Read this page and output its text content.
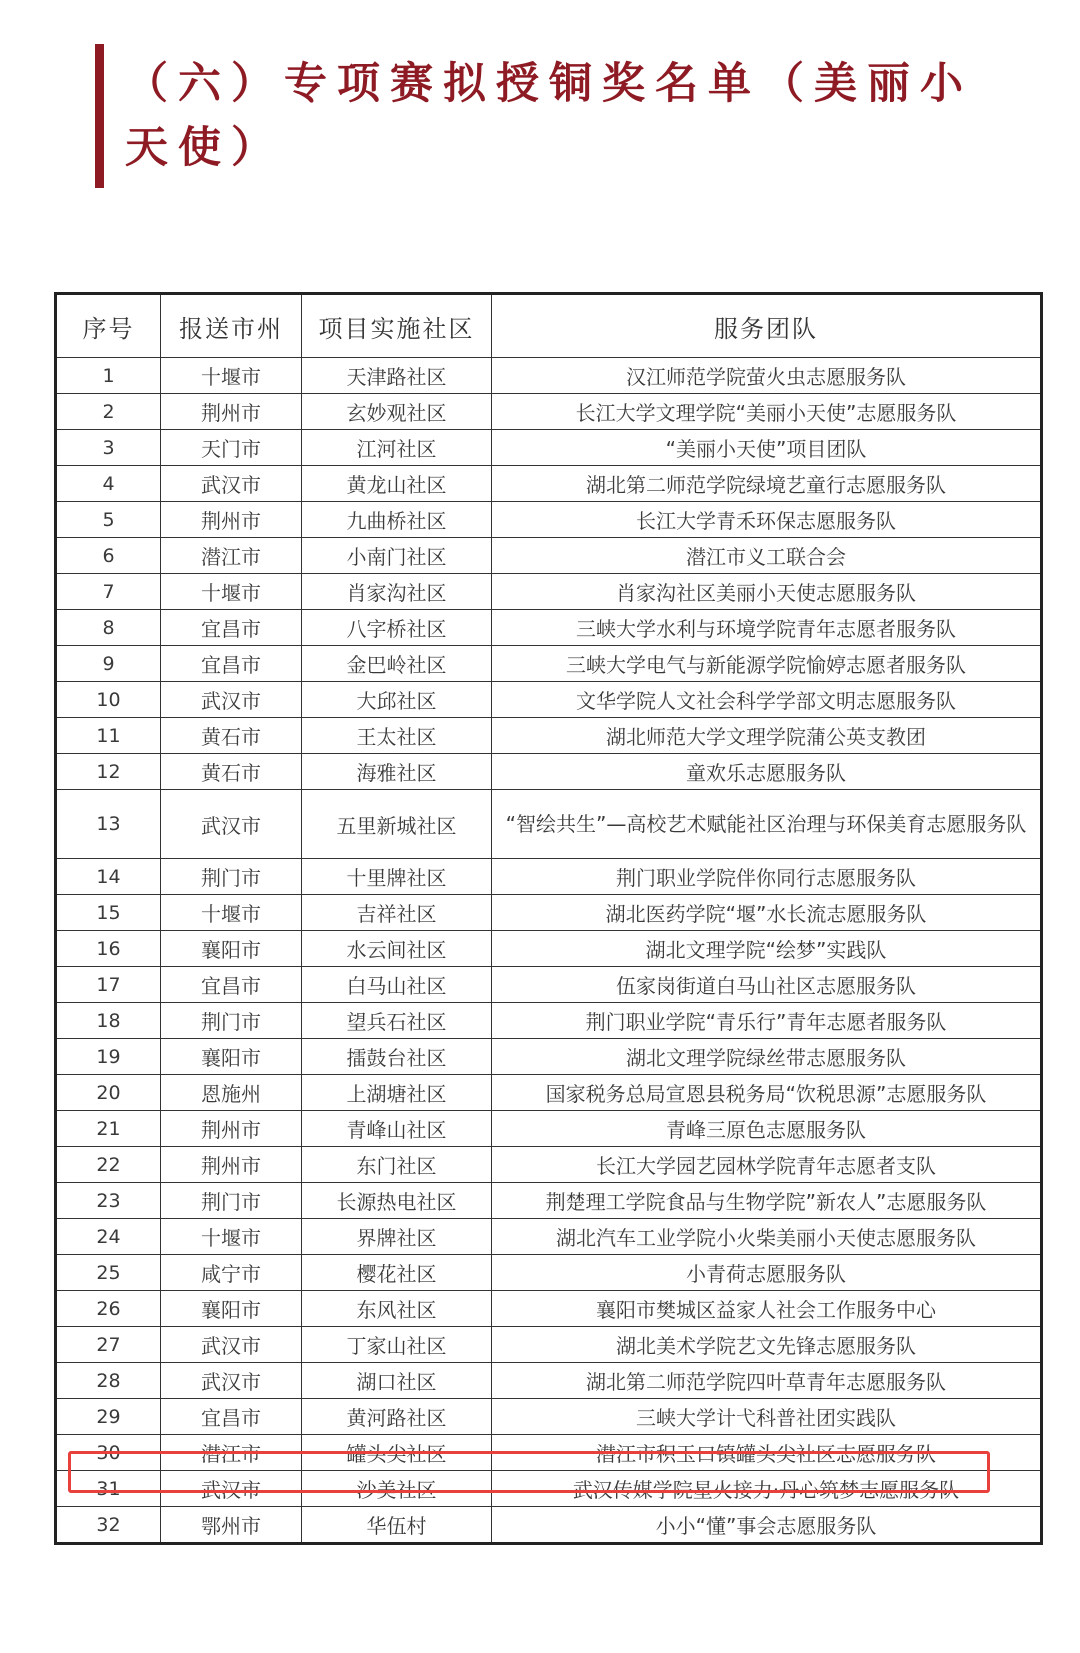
（六）专项赛拟授铜奖名单（美丽小天使）
序号	报送市州	项目实施社区	服务团队
1	十堰市	天津路社区	汉江师范学院萤火虫志愿服务队
2	荆州市	玄妙观社区	长江大学文理学院“美丽小天使”志愿服务队
3	天门市	江河社区	“美丽小天使”项目团队
4	武汉市	黄龙山社区	湖北第二师范学院绿境艺童行志愿服务队
5	荆州市	九曲桥社区	长江大学青禾环保志愿服务队
6	潜江市	小南门社区	潜江市义工联合会
7	十堰市	肖家沟社区	肖家沟社区美丽小天使志愿服务队
8	宜昌市	八字桥社区	三峡大学水利与环境学院青年志愿者服务队
9	宜昌市	金巴岭社区	三峡大学电气与新能源学院愉婷志愿者服务队
10	武汉市	大邱社区	文华学院人文社会科学学部文明志愿服务队
11	黄石市	王太社区	湖北师范大学文理学院蒲公英支教团
12	黄石市	海雅社区	童欢乐志愿服务队
13	武汉市	五里新城社区	“智绘共生”—高校艺术赋能社区治理与环保美育志愿服务队
14	荆门市	十里牌社区	荆门职业学院伴你同行志愿服务队
15	十堰市	吉祥社区	湖北医药学院“堰”水长流志愿服务队
16	襄阳市	水云间社区	湖北文理学院“绘梦”实践队
17	宜昌市	白马山社区	伍家岗街道白马山社区志愿服务队
18	荆门市	望兵石社区	荆门职业学院“青乐行”青年志愿者服务队
19	襄阳市	擂鼓台社区	湖北文理学院绿丝带志愿服务队
20	恩施州	上湖塘社区	国家税务总局宣恩县税务局“饮税思源”志愿服务队
21	荆州市	青峰山社区	青峰三原色志愿服务队
22	荆州市	东门社区	长江大学园艺园林学院青年志愿者支队
23	荆门市	长源热电社区	荆楚理工学院食品与生物学院”新农人”志愿服务队
24	十堰市	界牌社区	湖北汽车工业学院小火柴美丽小天使志愿服务队
25	咸宁市	樱花社区	小青荷志愿服务队
26	襄阳市	东风社区	襄阳市樊城区益家人社会工作服务中心
27	武汉市	丁家山社区	湖北美术学院艺文先锋志愿服务队
28	武汉市	湖口社区	湖北第二师范学院四叶草青年志愿服务队
29	宜昌市	黄河路社区	三峡大学计弋科普社团实践队
30	潜江市	罐头尖社区	潜江市积玉口镇罐头尖社区志愿服务队
31	武汉市	沙美社区	武汉传媒学院星火接力·丹心筑梦志愿服务队
32	鄂州市	华伍村	小小“懂”事会志愿服务队
